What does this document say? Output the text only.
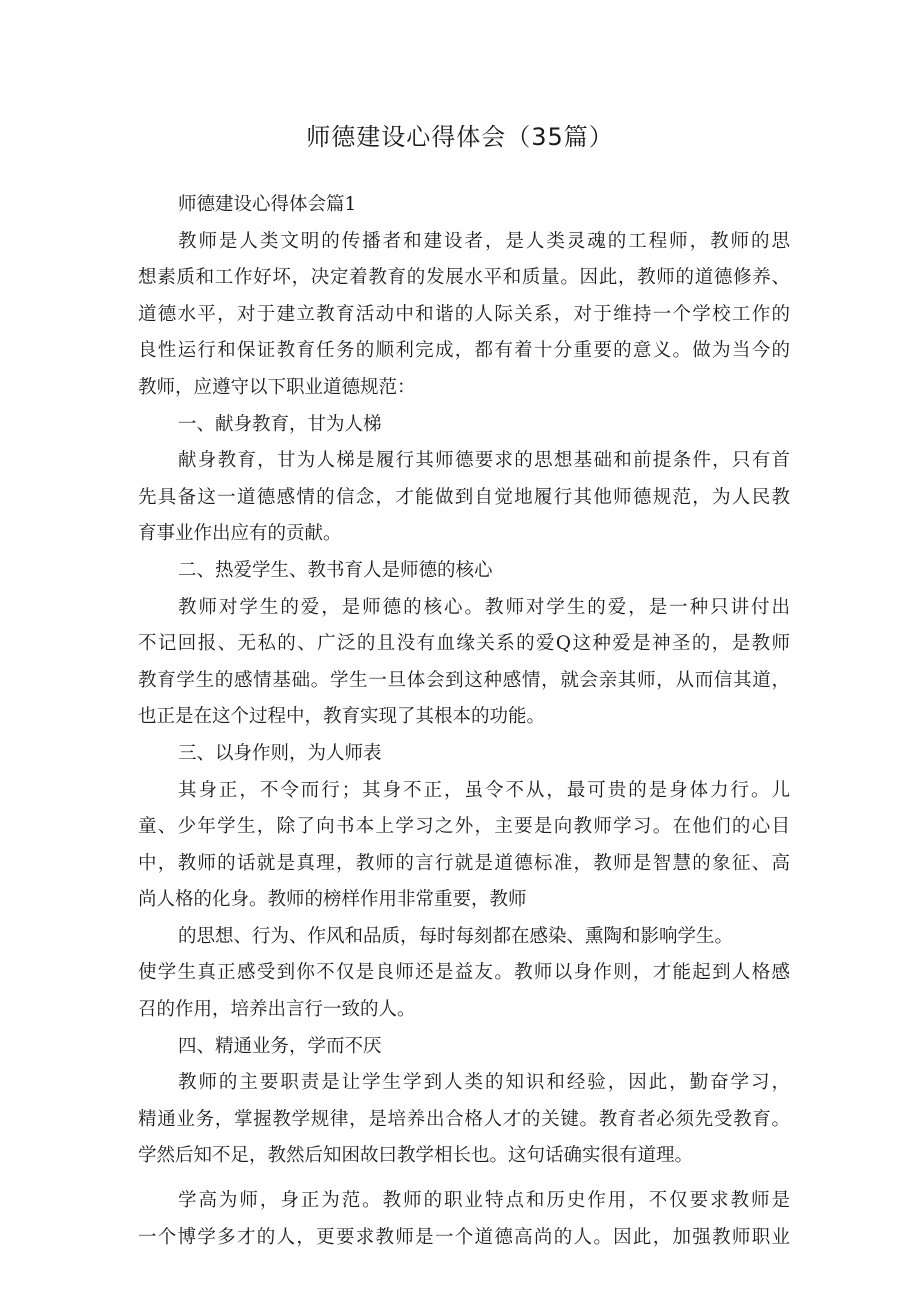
师德建设心得体会（35篇）
师德建设心得体会篇1
教师是人类文明的传播者和建设者，是人类灵魂的工程师，教师的思
想素质和工作好坏，决定着教育的发展水平和质量。因此，教师的道德修养、
道德水平，对于建立教育活动中和谐的人际关系，对于维持一个学校工作的
良性运行和保证教育任务的顺利完成，都有着十分重要的意义。做为当今的
教师，应遵守以下职业道德规范：
一、献身教育，甘为人梯
献身教育，甘为人梯是履行其师德要求的思想基础和前提条件，只有首
先具备这一道德感情的信念，才能做到自觉地履行其他师德规范，为人民教
育事业作出应有的贡献。
二、热爱学生、教书育人是师德的核心
教师对学生的爱，是师德的核心。教师对学生的爱，是一种只讲付出
不记回报、无私的、广泛的且没有血缘关系的爱Q这种爱是神圣的，是教师
教育学生的感情基础。学生一旦体会到这种感情，就会亲其师，从而信其道，
也正是在这个过程中，教育实现了其根本的功能。
三、以身作则，为人师表
其身正，不令而行；其身不正，虽令不从，最可贵的是身体力行。儿
童、少年学生，除了向书本上学习之外，主要是向教师学习。在他们的心目
中，教师的话就是真理，教师的言行就是道德标准，教师是智慧的象征、高
尚人格的化身。教师的榜样作用非常重要，教师
的思想、行为、作风和品质，每时每刻都在感染、熏陶和影响学生。
使学生真正感受到你不仅是良师还是益友。教师以身作则，才能起到人格感
召的作用，培养出言行一致的人。
四、精通业务，学而不厌
教师的主要职责是让学生学到人类的知识和经验，因此，勤奋学习，
精通业务，掌握教学规律，是培养出合格人才的关键。教育者必须先受教育。
学然后知不足，教然后知困故曰教学相长也。这句话确实很有道理。
学高为师，身正为范。教师的职业特点和历史作用，不仅要求教师是
一个博学多才的人，更要求教师是一个道德高尚的人。因此，加强教师职业
